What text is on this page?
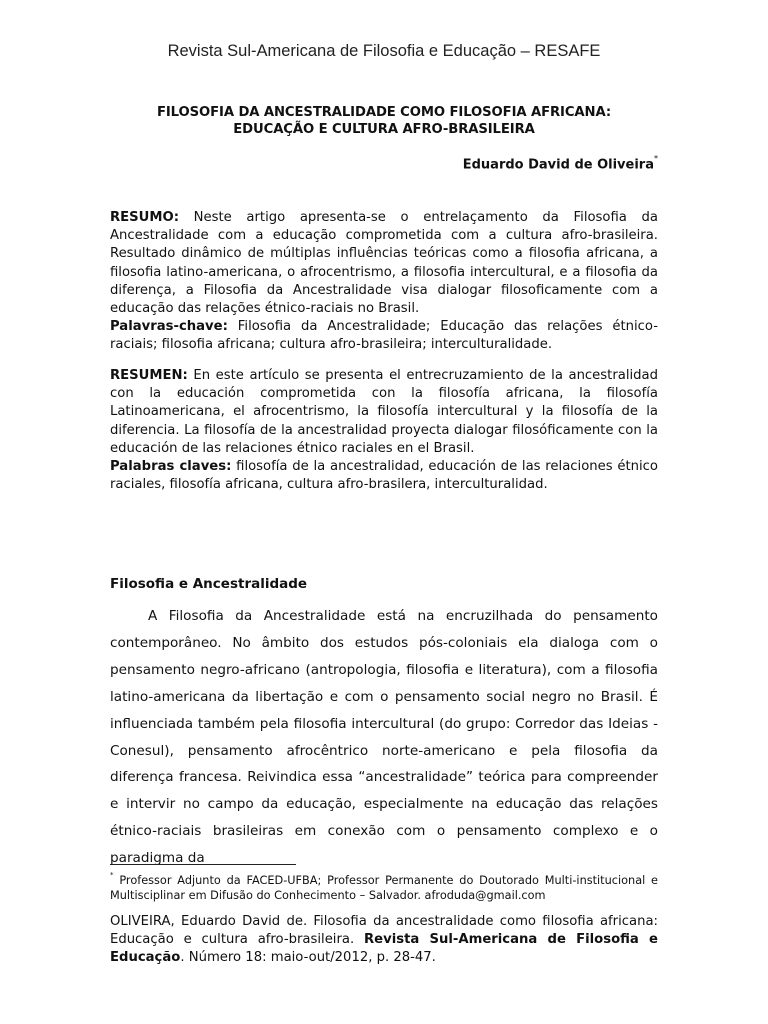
Revista Sul-Americana de Filosofia e Educação – RESAFE
FILOSOFIA DA ANCESTRALIDADE COMO FILOSOFIA AFRICANA:
EDUCAÇÃO E CULTURA AFRO-BRASILEIRA
Eduardo David de Oliveira*

RESUMO: Neste artigo apresenta-se o entrelaçamento da Filosofia da Ancestralidade com a educação comprometida com a cultura afro-brasileira. Resultado dinâmico de múltiplas influências teóricas como a filosofia africana, a filosofia latino-americana, o afrocentrismo, a filosofia intercultural, e a filosofia da diferença, a Filosofia da Ancestralidade visa dialogar filosoficamente com a educação das relações étnico-raciais no Brasil.

Palavras-chave: Filosofia da Ancestralidade; Educação das relações étnico-raciais; filosofia africana; cultura afro-brasileira; interculturalidade.

RESUMEN: En este artículo se presenta el entrecruzamiento de la ancestralidad con la educación comprometida con la filosofía africana, la filosofía Latinoamericana, el afrocentrismo, la filosofía intercultural y la filosofía de la diferencia. La filosofía de la ancestralidad proyecta dialogar filosóficamente con la educación de las relaciones étnico raciales en el Brasil.

Palabras claves: filosofía de la ancestralidad, educación de las relaciones étnico raciales, filosofía africana, cultura afro-brasilera, interculturalidad.

Filosofia e Ancestralidade

A Filosofia da Ancestralidade está na encruzilhada do pensamento contemporâneo. No âmbito dos estudos pós-coloniais ela dialoga com o pensamento negro-africano (antropologia, filosofia e literatura), com a filosofia latino-americana da libertação e com o pensamento social negro no Brasil. É influenciada também pela filosofia intercultural (do grupo: Corredor das Ideias - Conesul), pensamento afrocêntrico norte-americano e pela filosofia da diferença francesa. Reivindica essa “ancestralidade” teórica para compreender e intervir no campo da educação, especialmente na educação das relações étnico-raciais brasileiras em conexão com o pensamento complexo e o paradigma da

* Professor Adjunto da FACED-UFBA; Professor Permanente do Doutorado Multi-institucional e Multisciplinar em Difusão do Conhecimento – Salvador. afroduda@gmail.com
OLIVEIRA, Eduardo David de. Filosofia da ancestralidade como filosofia africana: Educação e cultura afro-brasileira. Revista Sul-Americana de Filosofia e Educação. Número 18: maio-out/2012, p. 28-47.
